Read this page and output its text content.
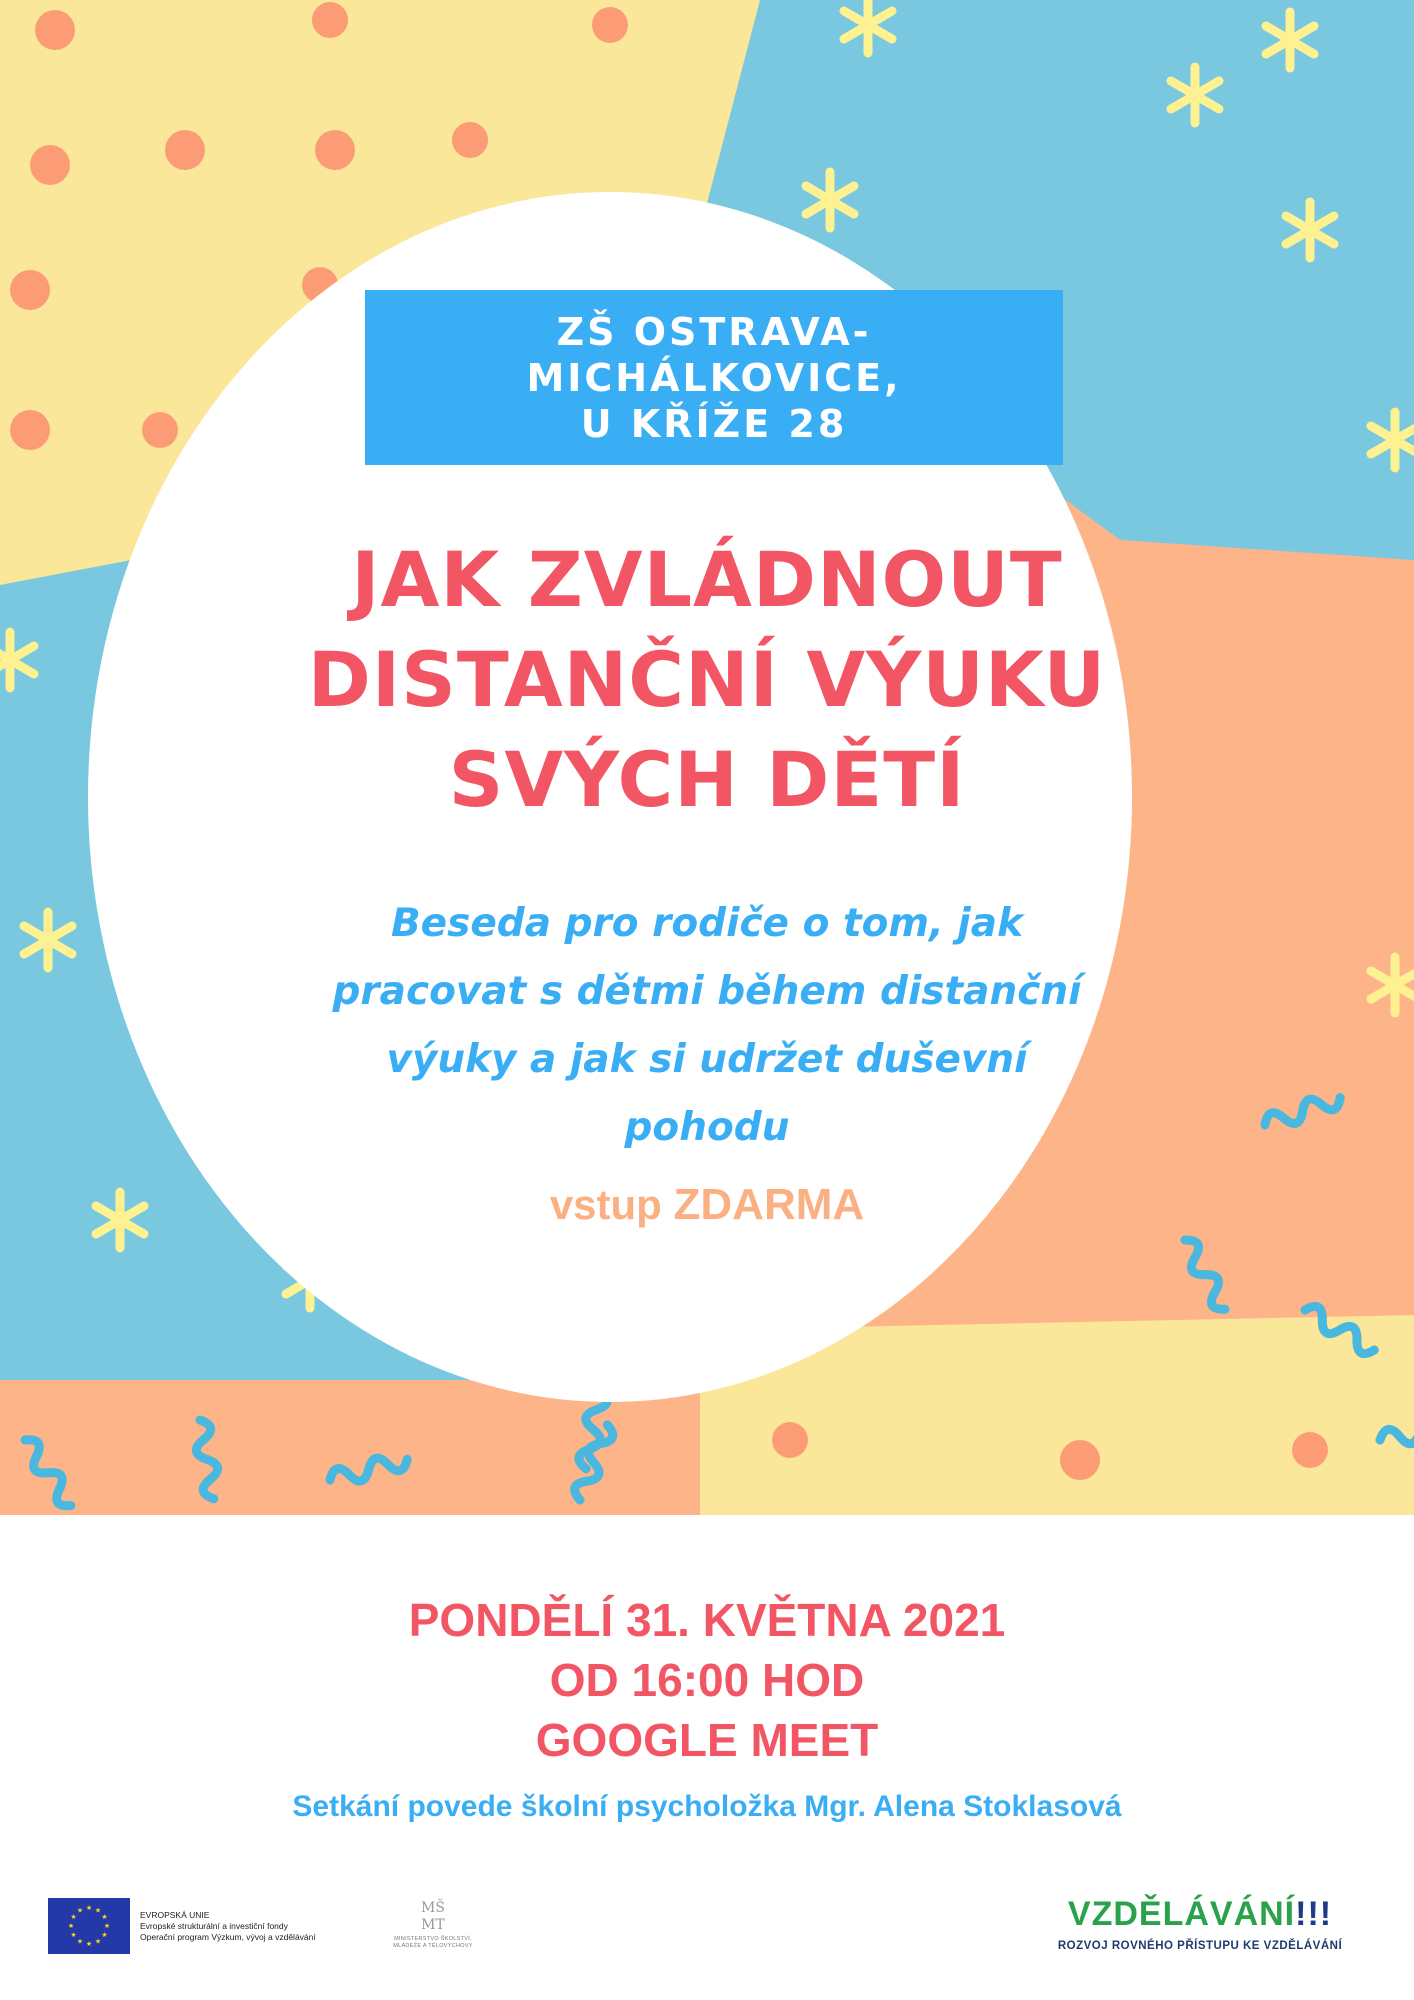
ZŠ OSTRAVA-
MICHÁLKOVICE,
U KŘÍŽE 28
JAK ZVLÁDNOUT
DISTANČNÍ VÝUKU
SVÝCH DĚTÍ
Beseda pro rodiče o tom, jak
pracovat s dětmi během distanční
výuky a jak si udržet duševní
pohodu
vstup ZDARMA
PONDĚLÍ 31. KVĚTNA 2021
OD 16:00 HOD
GOOGLE MEET
Setkání povede školní psycholožka Mgr. Alena Stoklasová
★ ★
★
★
★
★
★
★
★
★
★
★	EVROPSKÁ UNIE
Evropské strukturální a investiční fondy
Operační program Výzkum, vývoj a vzdělávání
MŠ
MT
MINISTERSTVO ŠKOLSTVÍ,
MLÁDEŽE A TĚLOVÝCHOVY
VZDĚLÁVÁNÍ!!!
ROZVOJ ROVNÉHO PŘÍSTUPU KE VZDĚLÁVÁNÍ
